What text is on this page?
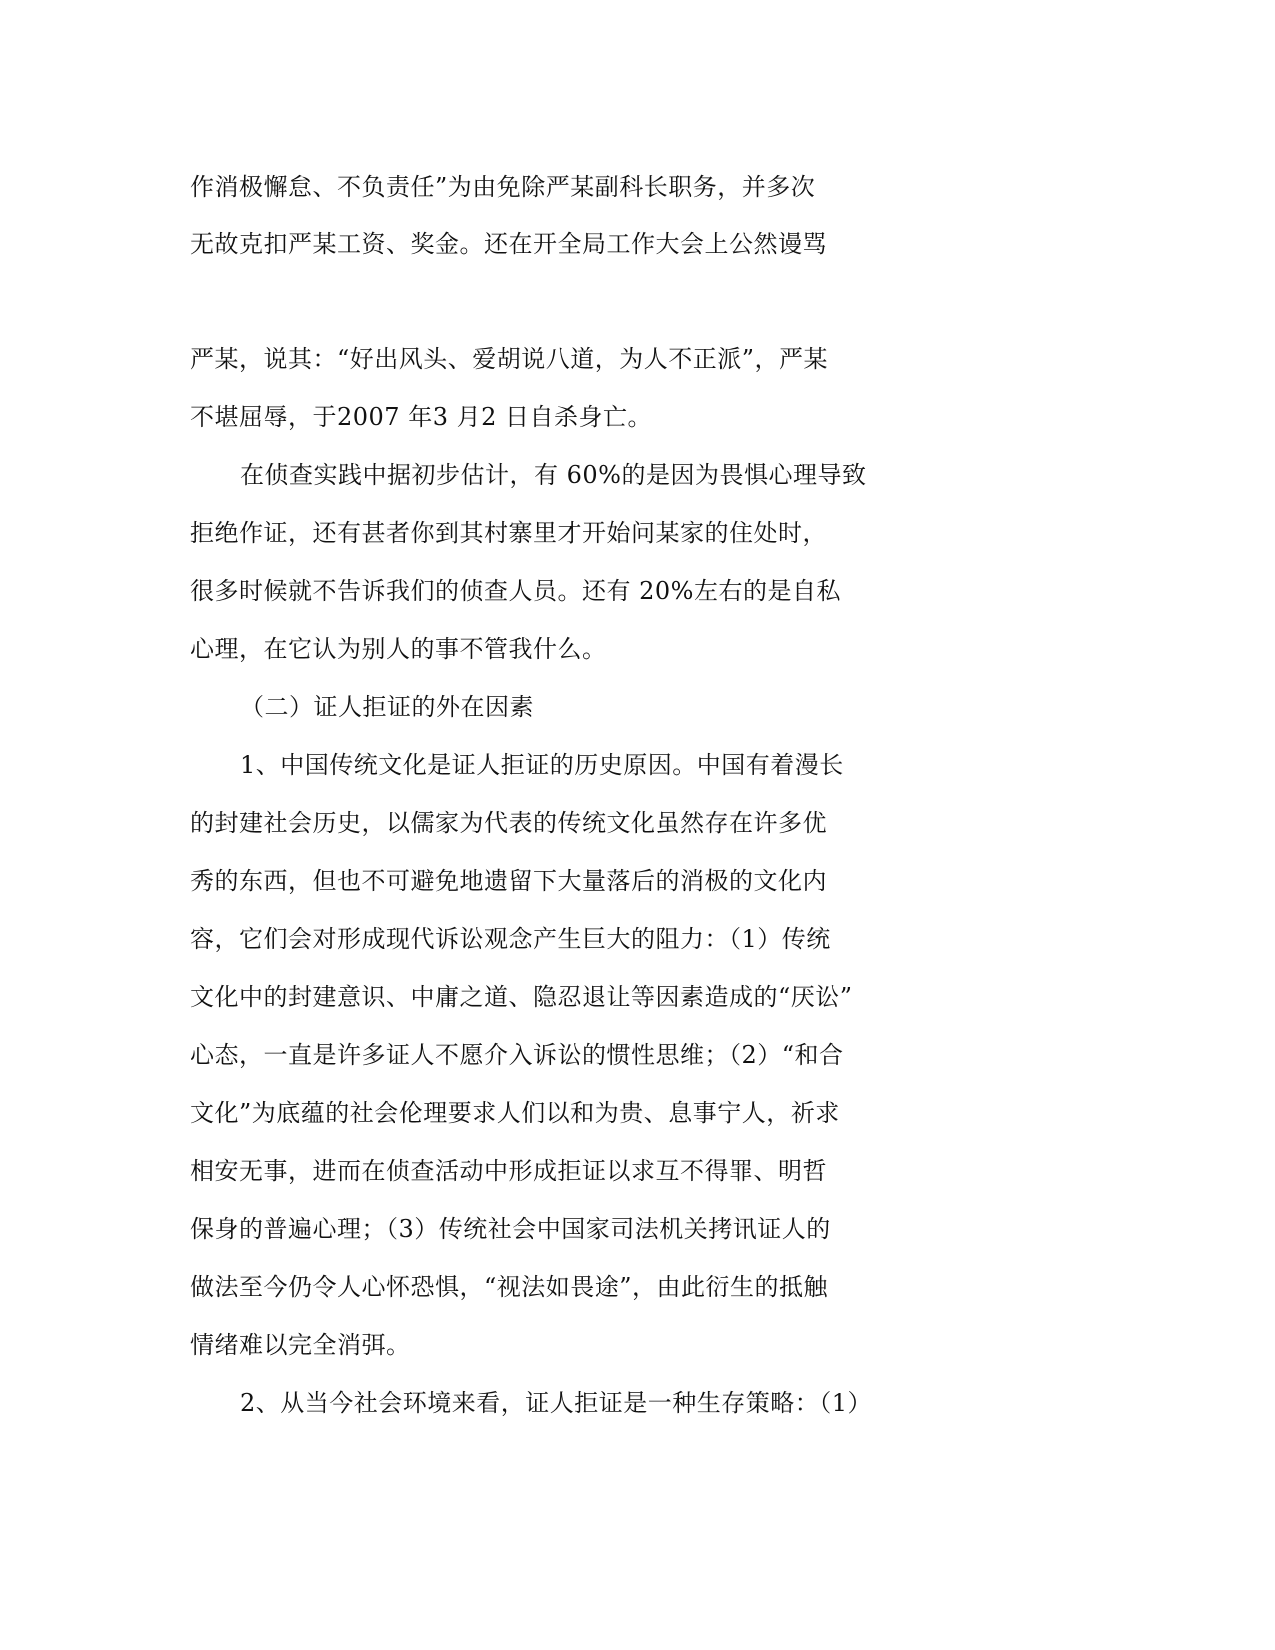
作消极懈怠、不负责任”为由免除严某副科长职务，并多次
无故克扣严某工资、奖金。还在开全局工作大会上公然谩骂
严某，说其：“好出风头、爱胡说八道，为人不正派”，严某
不堪屈辱，于2007 年3 月2 日自杀身亡。
在侦查实践中据初步估计，有 60%的是因为畏惧心理导致
拒绝作证，还有甚者你到其村寨里才开始问某家的住处时，
很多时候就不告诉我们的侦查人员。还有 20%左右的是自私
心理，在它认为别人的事不管我什么。
（二）证人拒证的外在因素
1、中国传统文化是证人拒证的历史原因。中国有着漫长
的封建社会历史，以儒家为代表的传统文化虽然存在许多优
秀的东西，但也不可避免地遗留下大量落后的消极的文化内
容，它们会对形成现代诉讼观念产生巨大的阻力：（1）传统
文化中的封建意识、中庸之道、隐忍退让等因素造成的“厌讼”
心态，一直是许多证人不愿介入诉讼的惯性思维；（2）“和合
文化”为底蕴的社会伦理要求人们以和为贵、息事宁人，祈求
相安无事，进而在侦查活动中形成拒证以求互不得罪、明哲
保身的普遍心理；（3）传统社会中国家司法机关拷讯证人的
做法至今仍令人心怀恐惧，“视法如畏途”，由此衍生的抵触
情绪难以完全消弭。
2、从当今社会环境来看，证人拒证是一种生存策略：（1）
